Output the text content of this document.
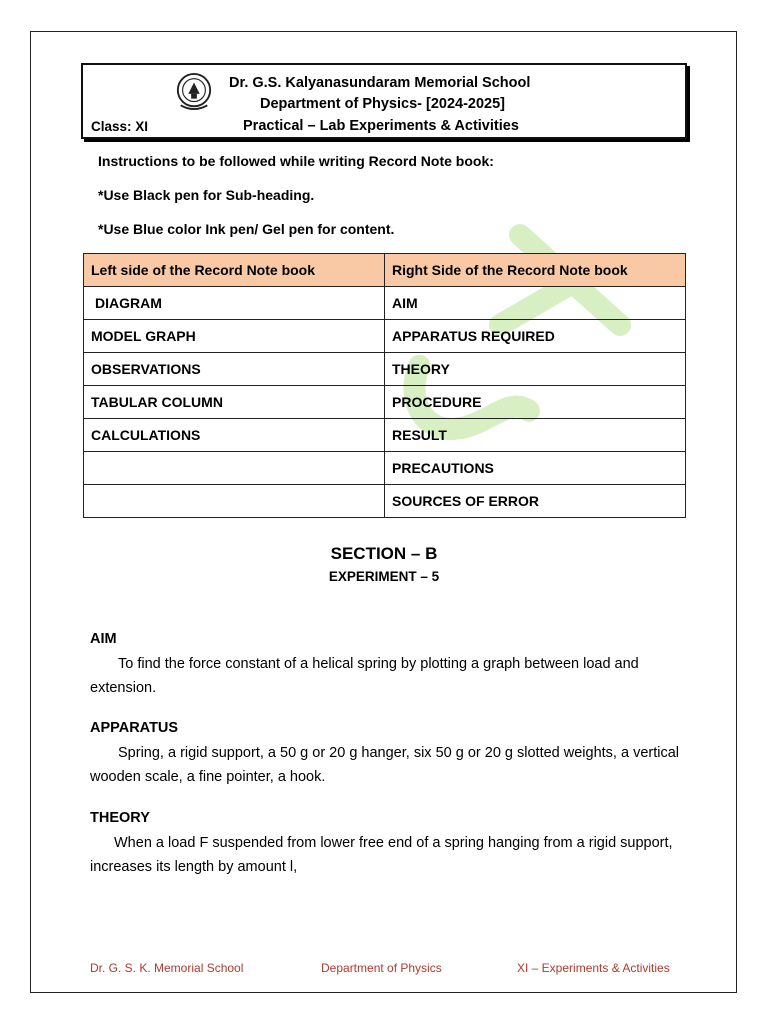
Dr. G.S. Kalyanasundaram Memorial School
Department of Physics- [2024-2025]
Class: XI	Practical – Lab Experiments & Activities
Instructions to be followed while writing Record Note book:
*Use Black pen for Sub-heading.
*Use Blue color Ink pen/ Gel pen for content.
Left side of the Record Note book	Right Side of the Record Note book
DIAGRAM	AIM
MODEL GRAPH	APPARATUS REQUIRED
OBSERVATIONS	THEORY
TABULAR COLUMN	PROCEDURE
CALCULATIONS	RESULT
	PRECAUTIONS
	SOURCES OF ERROR
SECTION – B
EXPERIMENT – 5
AIM
To find the force constant of a helical spring by plotting a graph between load and extension.
APPARATUS
Spring, a rigid support, a 50 g or 20 g hanger, six 50 g or 20 g slotted weights, a vertical wooden scale, a fine pointer, a hook.
THEORY
When a load F suspended from lower free end of a spring hanging from a rigid support, increases its length by amount l,
Dr. G. S. K. Memorial School	Department of Physics	XI – Experiments & Activities
